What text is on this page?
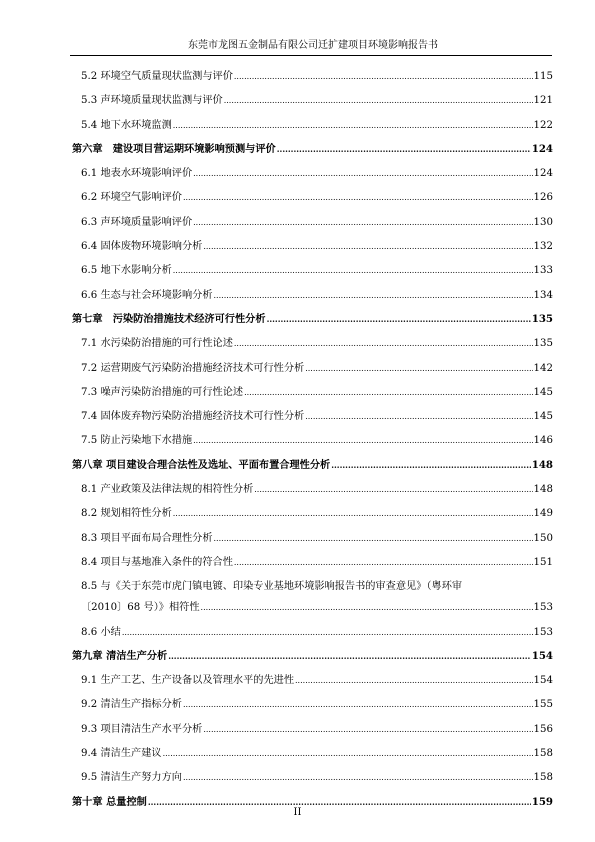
东莞市龙图五金制品有限公司迁扩建项目环境影响报告书
5.2 环境空气质量现状监测与评价 .....	115
5.3 声环境质量现状监测与评价 .....	121
5.4 地下水环境监测 .....	122
第六章　建设项目营运期环境影响预测与评价 .....	124
6.1 地表水环境影响评价 .....	124
6.2 环境空气影响评价 .....	126
6.3 声环境质量影响评价 .....	130
6.4 固体废物环境影响分析 .....	132
6.5 地下水影响分析 .....	133
6.6 生态与社会环境影响分析 .....	134
第七章　污染防治措施技术经济可行性分析 .....	135
7.1 水污染防治措施的可行性论述 .....	135
7.2 运营期废气污染防治措施经济技术可行性分析 .....	142
7.3 噪声污染防治措施的可行性论述 .....	145
7.4 固体废弃物污染防治措施经济技术可行性分析 .....	145
7.5 防止污染地下水措施 .....	146
第八章 项目建设合理合法性及选址、平面布置合理性分析 .....	148
8.1 产业政策及法律法规的相符性分析 .....	148
8.2 规划相符性分析 .....	149
8.3 项目平面布局合理性分析 .....	150
8.4 项目与基地准入条件的符合性 .....	151
8.5 与《关于东莞市虎门镇电镀、印染专业基地环境影响报告书的审查意见》（粤环审
〔2010〕68 号）》相符性 .....	153
8.6 小结 .....	153
第九章 清洁生产分析 .....	154
9.1 生产工艺、生产设备以及管理水平的先进性 .....	154
9.2 清洁生产指标分析 .....	155
9.3 项目清洁生产水平分析 .....	156
9.4 清洁生产建议 .....	158
9.5 清洁生产努力方向 .....	158
第十章 总量控制 .....	159
II
